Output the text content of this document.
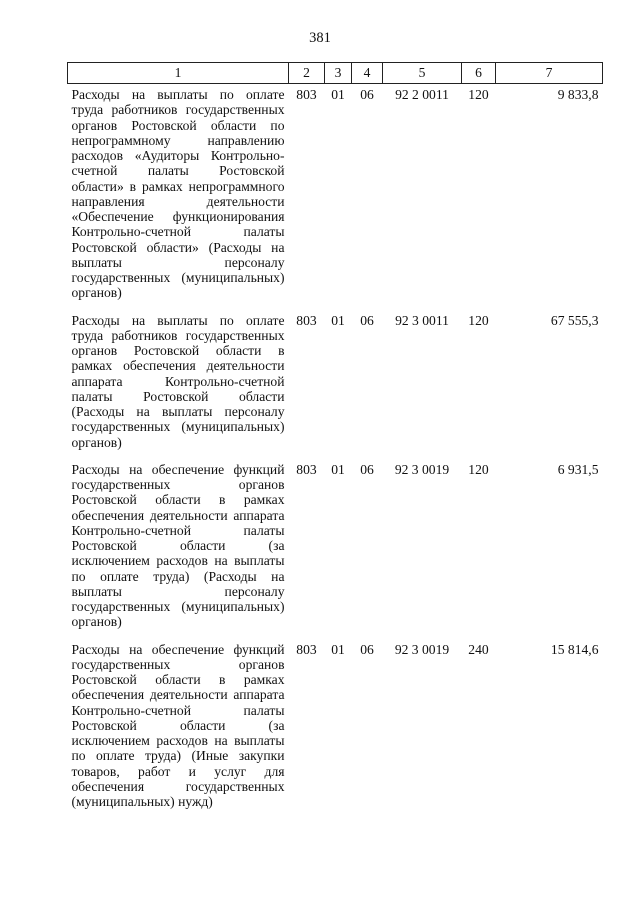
381
1	2	3	4	5	6	7
Расходы на выплаты по оплате труда работников государственных органов Ростовской области по непрограммному направлению расходов «Аудиторы Контрольно-счетной палаты Ростовской области» в рамках непрограммного направления деятельности «Обеспечение функционирования Контрольно-счетной палаты Ростовской области» (Расходы на выплаты персоналу государственных (муниципальных) органов)	803	01	06	92 2 0011	120	9 833,8
Расходы на выплаты по оплате труда работников государственных органов Ростовской области в рамках обеспечения деятельности аппарата Контрольно-счетной палаты Ростовской области (Расходы на выплаты персоналу государственных (муниципальных) органов)	803	01	06	92 3 0011	120	67 555,3
Расходы на обеспечение функций государственных органов Ростовской области в рамках обеспечения деятельности аппарата Контрольно-счетной палаты Ростовской области (за исключением расходов на выплаты по оплате труда) (Расходы на выплаты персоналу государственных (муниципальных) органов)	803	01	06	92 3 0019	120	6 931,5
Расходы на обеспечение функций государственных органов Ростовской области в рамках обеспечения деятельности аппарата Контрольно-счетной палаты Ростовской области (за исключением расходов на выплаты по оплате труда) (Иные закупки товаров, работ и услуг для обеспечения государственных (муниципальных) нужд)	803	01	06	92 3 0019	240	15 814,6
